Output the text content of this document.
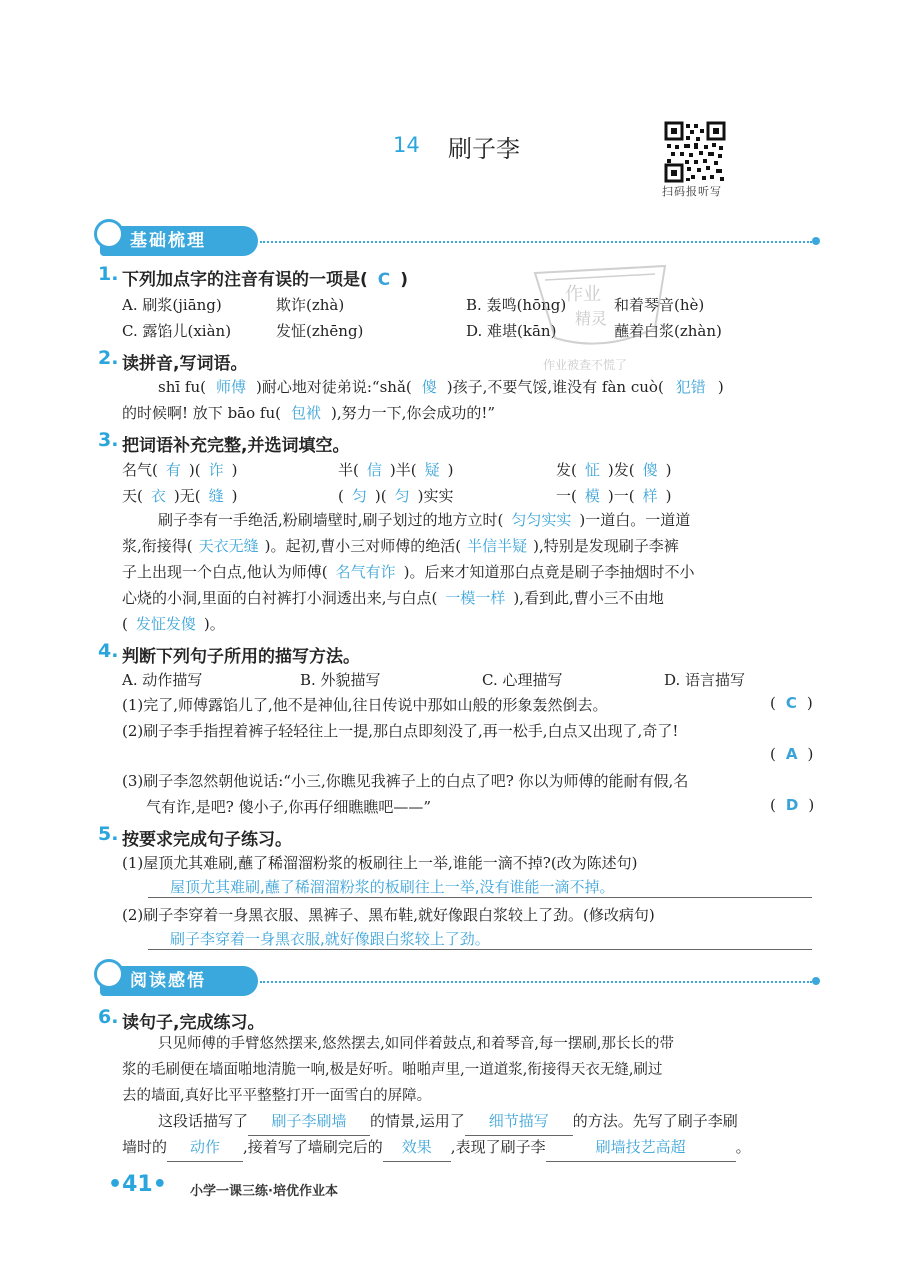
14 刷子李
扫码报听写
基础梳理
1. 下列加点字的注音有误的一项是( C )
A. 刷浆(jiāng)	欺诈(zhà)	B. 轰鸣(hōng)	和着琴音(hè)
C. 露馅儿(xiàn)	发怔(zhēng)	D. 难堪(kān)	蘸着白浆(zhàn)
作业
精灵
作业被查不慌了
2. 读拼音,写词语。
shī fu( 师傅 )耐心地对徒弟说:“shǎ( 傻 )孩子,不要气馁,谁没有 fàn cuò( 犯错 )
的时候啊! 放下 bāo fu( 包袱 ),努力一下,你会成功的!”
3. 把词语补充完整,并选词填空。
名气( 有 )( 诈 )	半( 信 )半( 疑 )	发( 怔 )发( 傻 )
天( 衣 )无( 缝 )	( 匀 )( 匀 )实实	一( 模 )一( 样 )
刷子李有一手绝活,粉刷墙壁时,刷子划过的地方立时( 匀匀实实 )一道白。一道道
浆,衔接得( 天衣无缝 )。起初,曹小三对师傅的绝活( 半信半疑 ),特别是发现刷子李裤
子上出现一个白点,他认为师傅( 名气有诈 )。后来才知道那白点竟是刷子李抽烟时不小
心烧的小洞,里面的白衬裤打小洞透出来,与白点( 一模一样 ),看到此,曹小三不由地
( 发怔发傻 )。
4. 判断下列句子所用的描写方法。
A. 动作描写	B. 外貌描写	C. 心理描写	D. 语言描写
(1)完了,师傅露馅儿了,他不是神仙,往日传说中那如山般的形象轰然倒去。	( C )
(2)刷子李手指捏着裤子轻轻往上一提,那白点即刻没了,再一松手,白点又出现了,奇了!
( A )
(3)刷子李忽然朝他说话:“小三,你瞧见我裤子上的白点了吧? 你以为师傅的能耐有假,名
气有诈,是吧? 傻小子,你再仔细瞧瞧吧——”	( D )
5. 按要求完成句子练习。
(1)屋顶尤其难刷,蘸了稀溜溜粉浆的板刷往上一举,谁能一滴不掉?(改为陈述句)
屋顶尤其难刷,蘸了稀溜溜粉浆的板刷往上一举,没有谁能一滴不掉。
(2)刷子李穿着一身黑衣服、黑裤子、黑布鞋,就好像跟白浆较上了劲。(修改病句)
刷子李穿着一身黑衣服,就好像跟白浆较上了劲。
阅读感悟
6. 读句子,完成练习。
只见师傅的手臂悠然摆来,悠然摆去,如同伴着鼓点,和着琴音,每一摆刷,那长长的带
浆的毛刷便在墙面啪地清脆一响,极是好听。啪啪声里,一道道浆,衔接得天衣无缝,刷过
去的墙面,真好比平平整整打开一面雪白的屏障。
这段话描写了 刷子李刷墙 的情景,运用了 细节描写 的方法。先写了刷子李刷
墙时的 动作 ,接着写了墙刷完后的 效果 ,表现了刷子李	刷墙技艺高超	。
•41• 小学一课三练·培优作业本
